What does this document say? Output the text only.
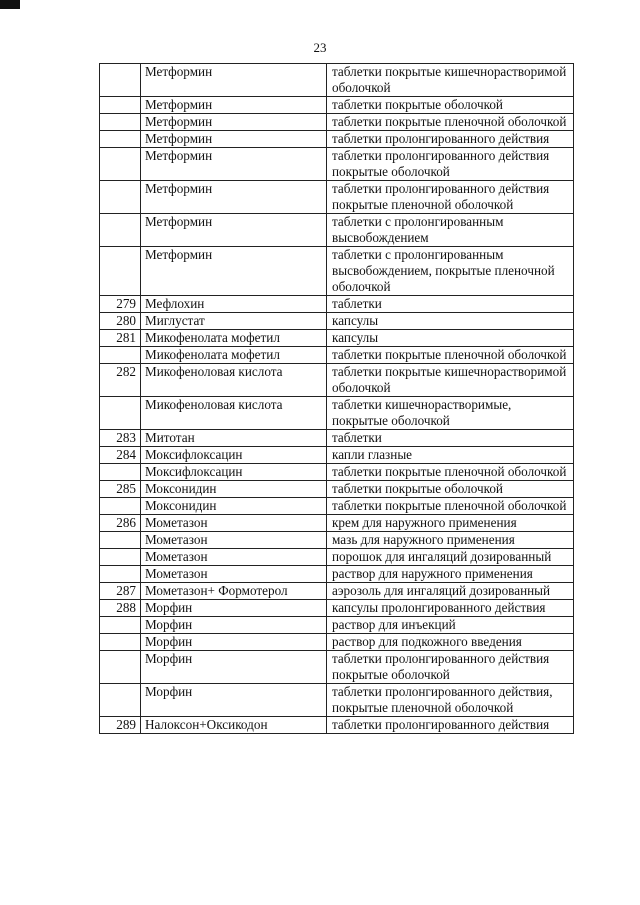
23
	Метформин	таблетки покрытые кишечнорастворимой оболочкой
	Метформин	таблетки покрытые оболочкой
	Метформин	таблетки покрытые пленочной оболочкой
	Метформин	таблетки пролонгированного действия
	Метформин	таблетки пролонгированного действия покрытые оболочкой
	Метформин	таблетки пролонгированного действия покрытые пленочной оболочкой
	Метформин	таблетки с пролонгированным высвобождением
	Метформин	таблетки с пролонгированным высвобождением, покрытые пленочной оболочкой
279	Мефлохин	таблетки
280	Миглустат	капсулы
281	Микофенолата мофетил	капсулы
	Микофенолата мофетил	таблетки покрытые пленочной оболочкой
282	Микофеноловая кислота	таблетки покрытые кишечнорастворимой оболочкой
	Микофеноловая кислота	таблетки кишечнорастворимые, покрытые оболочкой
283	Митотан	таблетки
284	Моксифлоксацин	капли глазные
	Моксифлоксацин	таблетки покрытые пленочной оболочкой
285	Моксонидин	таблетки покрытые оболочкой
	Моксонидин	таблетки покрытые пленочной оболочкой
286	Мометазон	крем для наружного применения
	Мометазон	мазь для наружного применения
	Мометазон	порошок для ингаляций дозированный
	Мометазон	раствор для наружного применения
287	Мометазон+ Формотерол	аэрозоль для ингаляций дозированный
288	Морфин	капсулы пролонгированного действия
	Морфин	раствор для инъекций
	Морфин	раствор для подкожного введения
	Морфин	таблетки пролонгированного действия покрытые оболочкой
	Морфин	таблетки пролонгированного действия, покрытые пленочной оболочкой
289	Налоксон+Оксикодон	таблетки пролонгированного действия
